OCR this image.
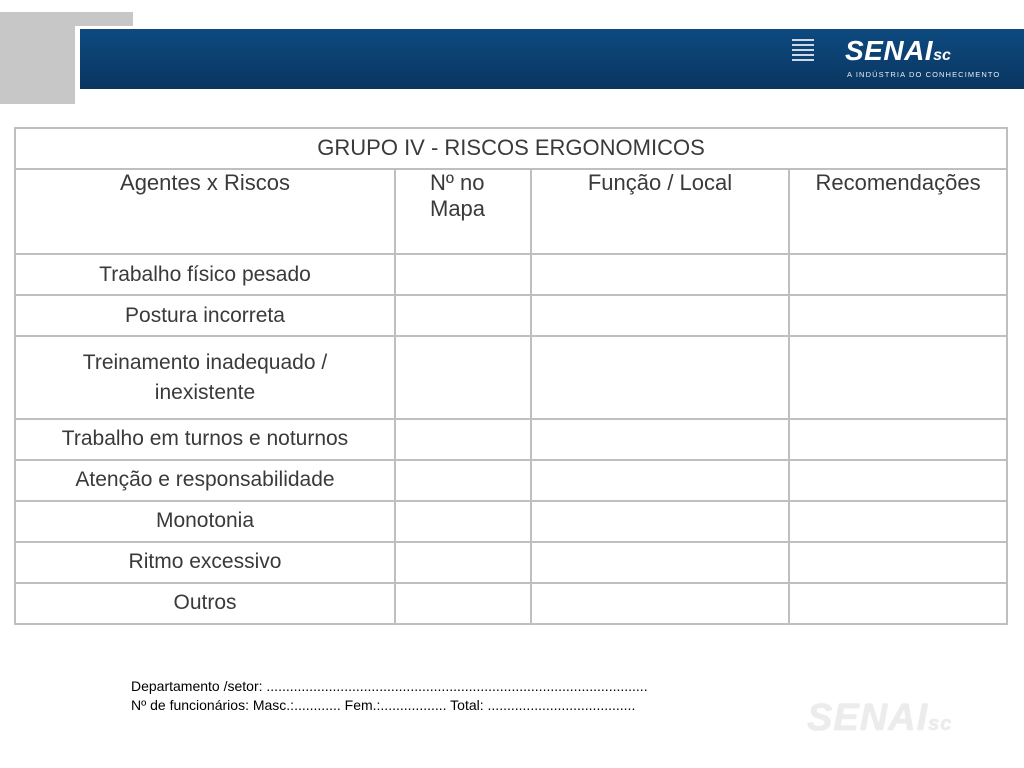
SENAIsc
A INDÚSTRIA DO CONHECIMENTO
GRUPO IV - RISCOS ERGONOMICOS			
Agentes x Riscos	Nº no Mapa	Função / Local	Recomendações
Trabalho físico pesado			
Postura incorreta			
Treinamento inadequado / inexistente			
Trabalho em turnos e noturnos			
Atenção e responsabilidade			
Monotonia			
Ritmo excessivo			
Outros			
Departamento /setor: ..................................................................................................
Nº de funcionários: Masc.:............ Fem.:................. Total: ......................................	SENAIsc
